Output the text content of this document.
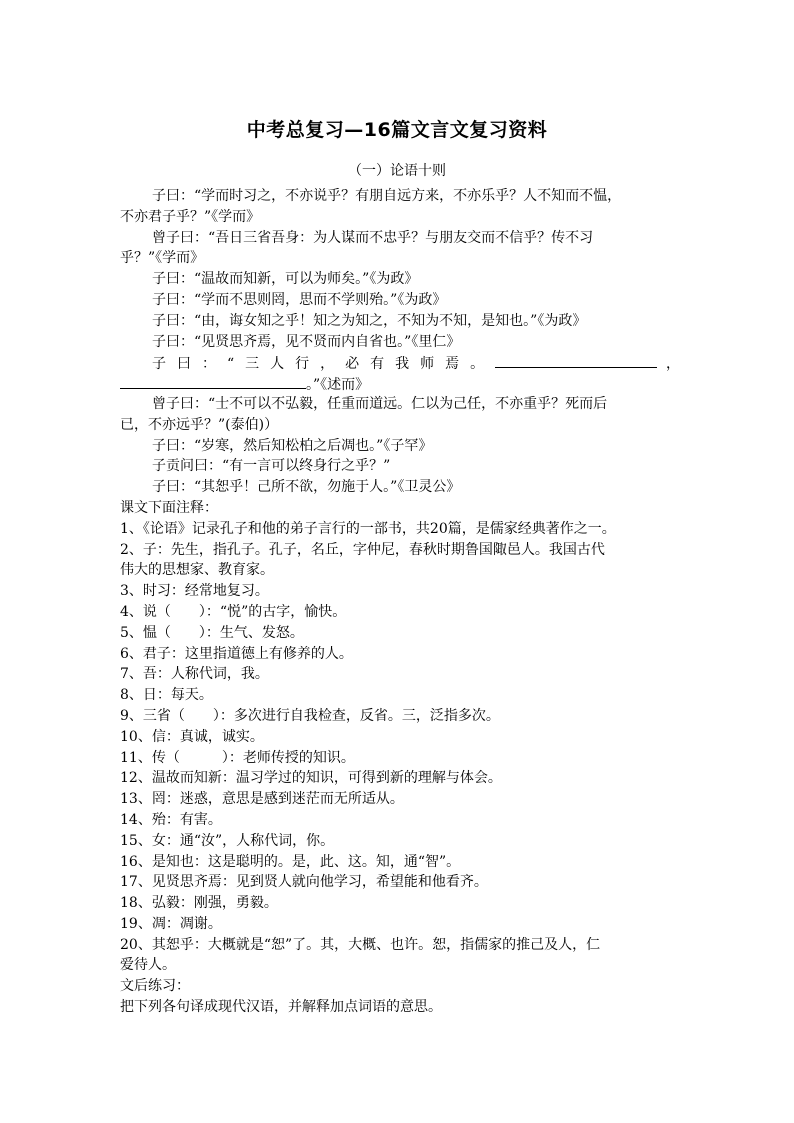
中考总复习—16篇文言文复习资料
（一）论语十则
子曰：“学而时习之，不亦说乎？有朋自远方来，不亦乐乎？人不知而不愠，
不亦君子乎？”《学而》
曾子曰：“吾日三省吾身：为人谋而不忠乎？与朋友交而不信乎？传不习
乎？”《学而》
子曰：“温故而知新，可以为师矣。”《为政》
子曰：“学而不思则罔，思而不学则殆。”《为政》
子曰：“由，诲女知之乎！知之为知之，不知为不知，是知也。”《为政》
子曰：“见贤思齐焉，见不贤而内自省也。”《里仁》
子曰：“三人行，必有我师焉。	，
。”《述而》
曾子曰：“士不可以不弘毅，任重而道远。仁以为己任，不亦重乎？死而后
已，不亦远乎？”(泰伯)）
子曰：“岁寒，然后知松柏之后凋也。”《子罕》
子贡问曰：“有一言可以终身行之乎？”
子曰：“其恕乎！己所不欲，勿施于人。”《卫灵公》
课文下面注释：
1、《论语》记录孔子和他的弟子言行的一部书，共20篇，是儒家经典著作之一。
2、子：先生，指孔子。孔子，名丘，字仲尼，春秋时期鲁国陬邑人。我国古代
伟大的思想家、教育家。
3、时习：经常地复习。
4、说（　　）：“悦”的古字，愉快。
5、愠（　　）：生气、发怒。
6、君子：这里指道德上有修养的人。
7、吾：人称代词，我。
8、日：每天。
9、三省（　　）：多次进行自我检查，反省。三，泛指多次。
10、信：真诚，诚实。
11、传（　　　）：老师传授的知识。
12、温故而知新：温习学过的知识，可得到新的理解与体会。
13、罔：迷惑，意思是感到迷茫而无所适从。
14、殆：有害。
15、女：通“汝”，人称代词，你。
16、是知也：这是聪明的。是，此、这。知，通“智”。
17、见贤思齐焉：见到贤人就向他学习，希望能和他看齐。
18、弘毅：刚强，勇毅。
19、凋：凋谢。
20、其恕乎：大概就是“恕”了。其，大概、也许。恕，指儒家的推己及人，仁
爱待人。
文后练习：
把下列各句译成现代汉语，并解释加点词语的意思。
